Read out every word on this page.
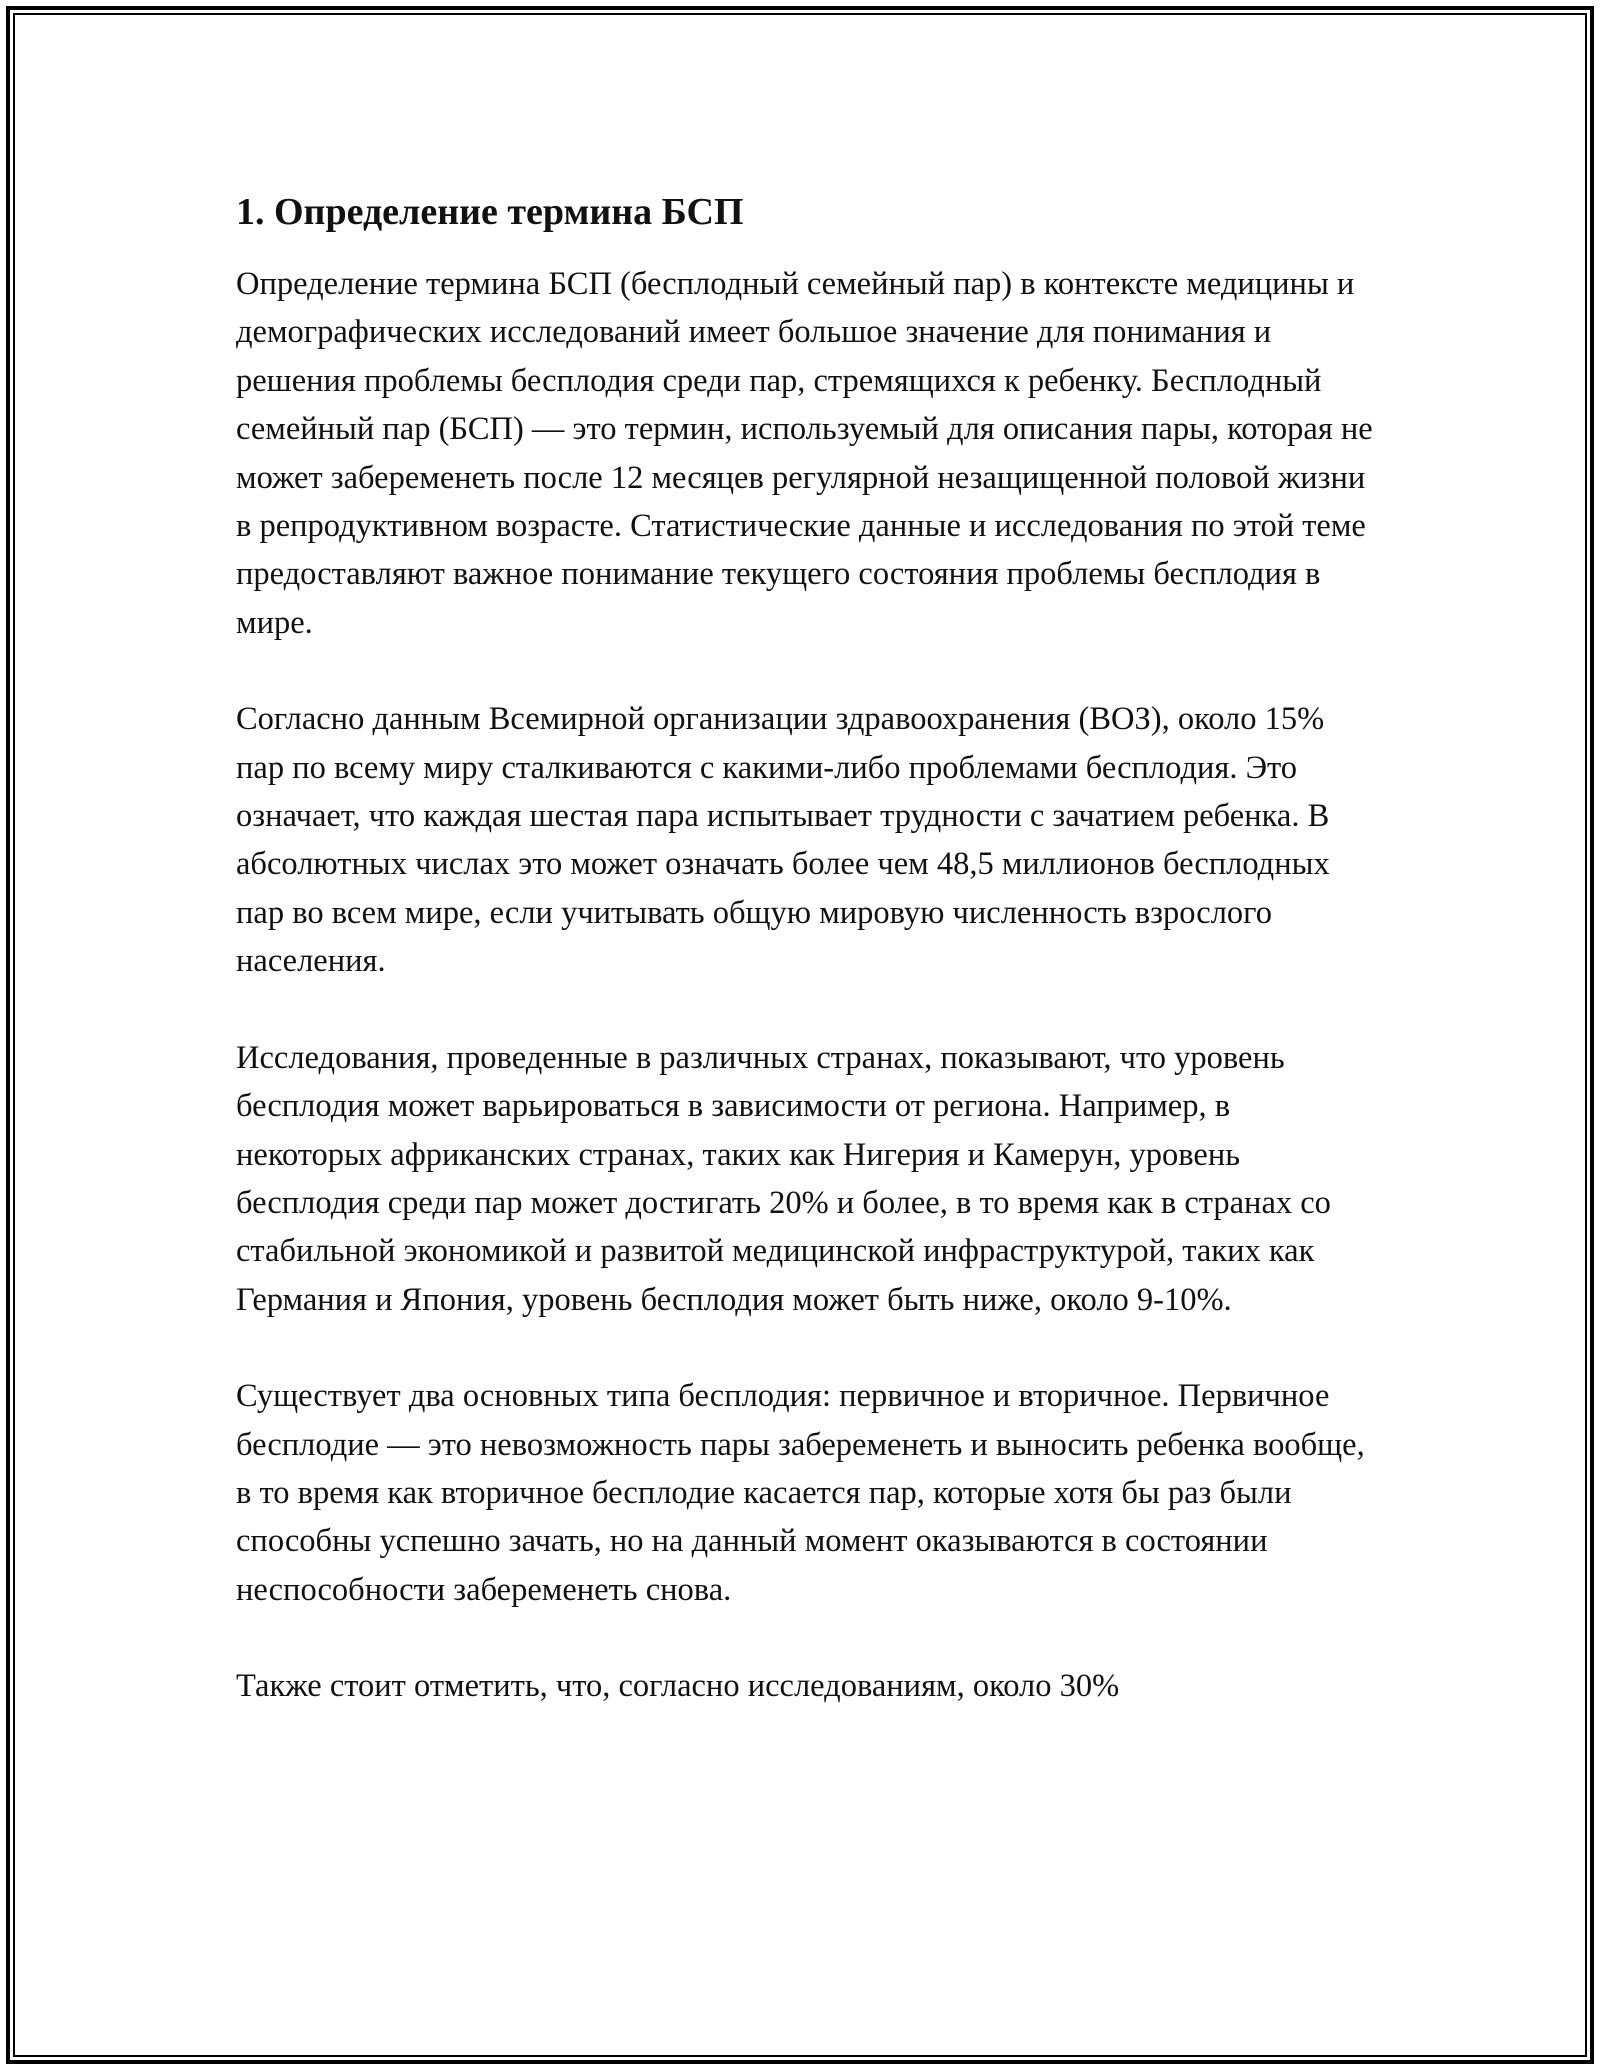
1. Определение термина БСП

Определение термина БСП (бесплодный семейный пар) в контексте медицины и демографических исследований имеет большое значение для понимания и решения проблемы бесплодия среди пар, стремящихся к ребенку. Бесплодный семейный пар (БСП) — это термин, используемый для описания пары, которая не может забеременеть после 12 месяцев регулярной незащищенной половой жизни в репродуктивном возрасте. Статистические данные и исследования по этой теме предоставляют важное понимание текущего состояния проблемы бесплодия в мире.

Согласно данным Всемирной организации здравоохранения (ВОЗ), около 15% пар по всему миру сталкиваются с какими-либо проблемами бесплодия. Это означает, что каждая шестая пара испытывает трудности с зачатием ребенка. В абсолютных числах это может означать более чем 48,5 миллионов бесплодных пар во всем мире, если учитывать общую мировую численность взрослого населения.

Исследования, проведенные в различных странах, показывают, что уровень бесплодия может варьироваться в зависимости от региона. Например, в некоторых африканских странах, таких как Нигерия и Камерун, уровень бесплодия среди пар может достигать 20% и более, в то время как в странах со стабильной экономикой и развитой медицинской инфраструктурой, таких как Германия и Япония, уровень бесплодия может быть ниже, около 9-10%.

Существует два основных типа бесплодия: первичное и вторичное. Первичное бесплодие — это невозможность пары забеременеть и выносить ребенка вообще, в то время как вторичное бесплодие касается пар, которые хотя бы раз были способны успешно зачать, но на данный момент оказываются в состоянии неспособности забеременеть снова.

Также стоит отметить, что, согласно исследованиям, около 30%
